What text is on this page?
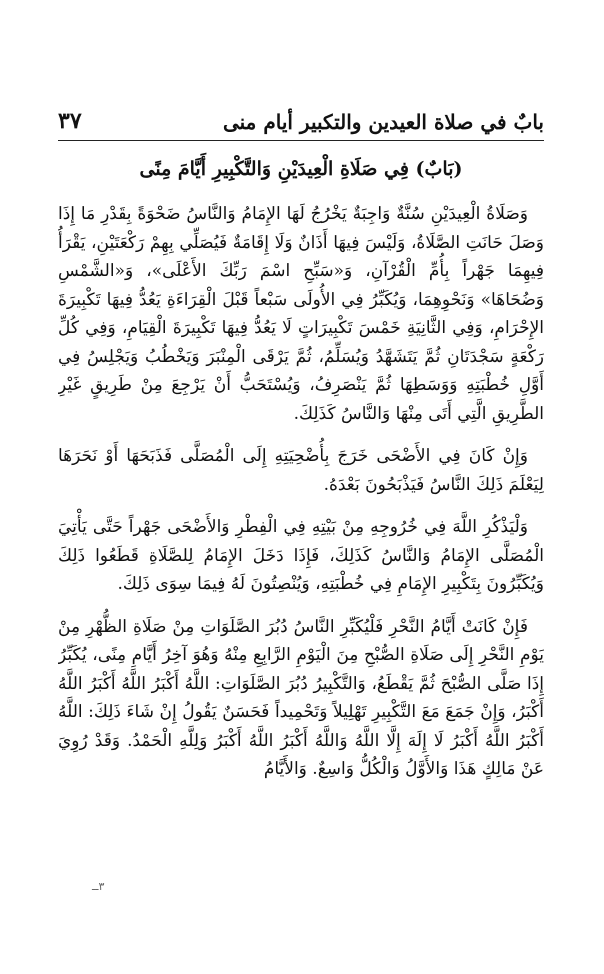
بابٌ في صلاة العيدين والتكبير أيام منى
٣٧
(بَابٌ) فِي صَلَاةِ الْعِيدَيْنِ وَالتَّكْبِيرِ أَيَّامَ مِنًى

وَصَلَاةُ الْعِيدَيْنِ سُنَّةٌ وَاجِبَةٌ يَخْرُجُ لَهَا الإِمَامُ وَالنَّاسُ ضَحْوَةً بِقَدْرِ مَا إِذَا وَصَلَ حَانَتِ الصَّلَاةُ، وَلَيْسَ فِيهَا أَذَانٌ وَلَا إِقَامَةٌ فَيُصَلِّي بِهِمْ رَكْعَتَيْنِ، يَقْرَأُ فِيهِمَا جَهْراً بِأُمِّ الْقُرْآنِ، وَ«سَبِّحِ اسْمَ رَبِّكَ الأَعْلَى»، وَ«الشَّمْسِ وَضُحَاهَا» وَنَحْوِهِمَا، وَيُكَبِّرُ فِي الأُولَى سَبْعاً قَبْلَ الْقِرَاءَةِ يَعُدُّ فِيهَا تَكْبِيرَةَ الإِحْرَامِ، وَفِي الثَّانِيَةِ خَمْسَ تَكْبِيرَاتٍ لَا يَعُدُّ فِيهَا تَكْبِيرَةَ الْقِيَامِ، وَفِي كُلِّ رَكْعَةٍ سَجْدَتَانِ ثُمَّ يَتَشَهَّدُ وَيُسَلِّمُ، ثُمَّ يَرْقَى الْمِنْبَرَ وَيَخْطُبُ وَيَجْلِسُ فِي أَوَّلِ خُطْبَتِهِ وَوَسَطِهَا ثُمَّ يَنْصَرِفُ، وَيُسْتَحَبُّ أَنْ يَرْجِعَ مِنْ طَرِيقٍ غَيْرِ الطَّرِيقِ الَّتِي أَتَى مِنْهَا وَالنَّاسُ كَذَلِكَ.

وَإِنْ كَانَ فِي الأَضْحَى خَرَجَ بِأُضْحِيَتِهِ إِلَى الْمُصَلَّى فَذَبَحَهَا أَوْ نَحَرَهَا لِيَعْلَمَ ذَلِكَ النَّاسُ فَيَذْبَحُونَ بَعْدَهُ.

وَلْيَذْكُرِ اللَّهَ فِي خُرُوجِهِ مِنْ بَيْتِهِ فِي الْفِطْرِ وَالأَضْحَى جَهْراً حَتَّى يَأْتِيَ الْمُصَلَّى الإِمَامُ وَالنَّاسُ كَذَلِكَ، فَإِذَا دَخَلَ الإِمَامُ لِلصَّلَاةِ قَطَعُوا ذَلِكَ وَيُكَبِّرُونَ بِتَكْبِيرِ الإِمَامِ فِي خُطْبَتِهِ، وَيُنْصِتُونَ لَهُ فِيمَا سِوَى ذَلِكَ.

فَإِنْ كَانَتْ أَيَّامُ النَّحْرِ فَلْيُكَبِّرِ النَّاسُ دُبُرَ الصَّلَوَاتِ مِنْ صَلَاةِ الظُّهْرِ مِنْ يَوْمِ النَّحْرِ إِلَى صَلَاةِ الصُّبْحِ مِنَ الْيَوْمِ الرَّابِعِ مِنْهُ وَهُوَ آخِرُ أَيَّامِ مِنًى، يُكَبِّرُ إِذَا صَلَّى الصُّبْحَ ثُمَّ يَقْطَعُ، وَالتَّكْبِيرُ دُبُرَ الصَّلَوَاتِ: اللَّهُ أَكْبَرُ اللَّهُ أَكْبَرُ اللَّهُ أَكْبَرُ، وَإِنْ جَمَعَ مَعَ التَّكْبِيرِ تَهْلِيلاً وَتَحْمِيداً فَحَسَنٌ يَقُولُ إِنْ شَاءَ ذَلِكَ: اللَّهُ أَكْبَرُ اللَّهُ أَكْبَرُ لَا إِلَهَ إِلَّا اللَّهُ وَاللَّهُ أَكْبَرُ اللَّهُ أَكْبَرُ وَلِلَّهِ الْحَمْدُ. وَقَدْ رُوِيَ عَنْ مَالِكٍ هَذَا وَالأَوَّلُ وَالْكُلُّ وَاسِعٌ. وَالأَيَّامُ

٣ــ
